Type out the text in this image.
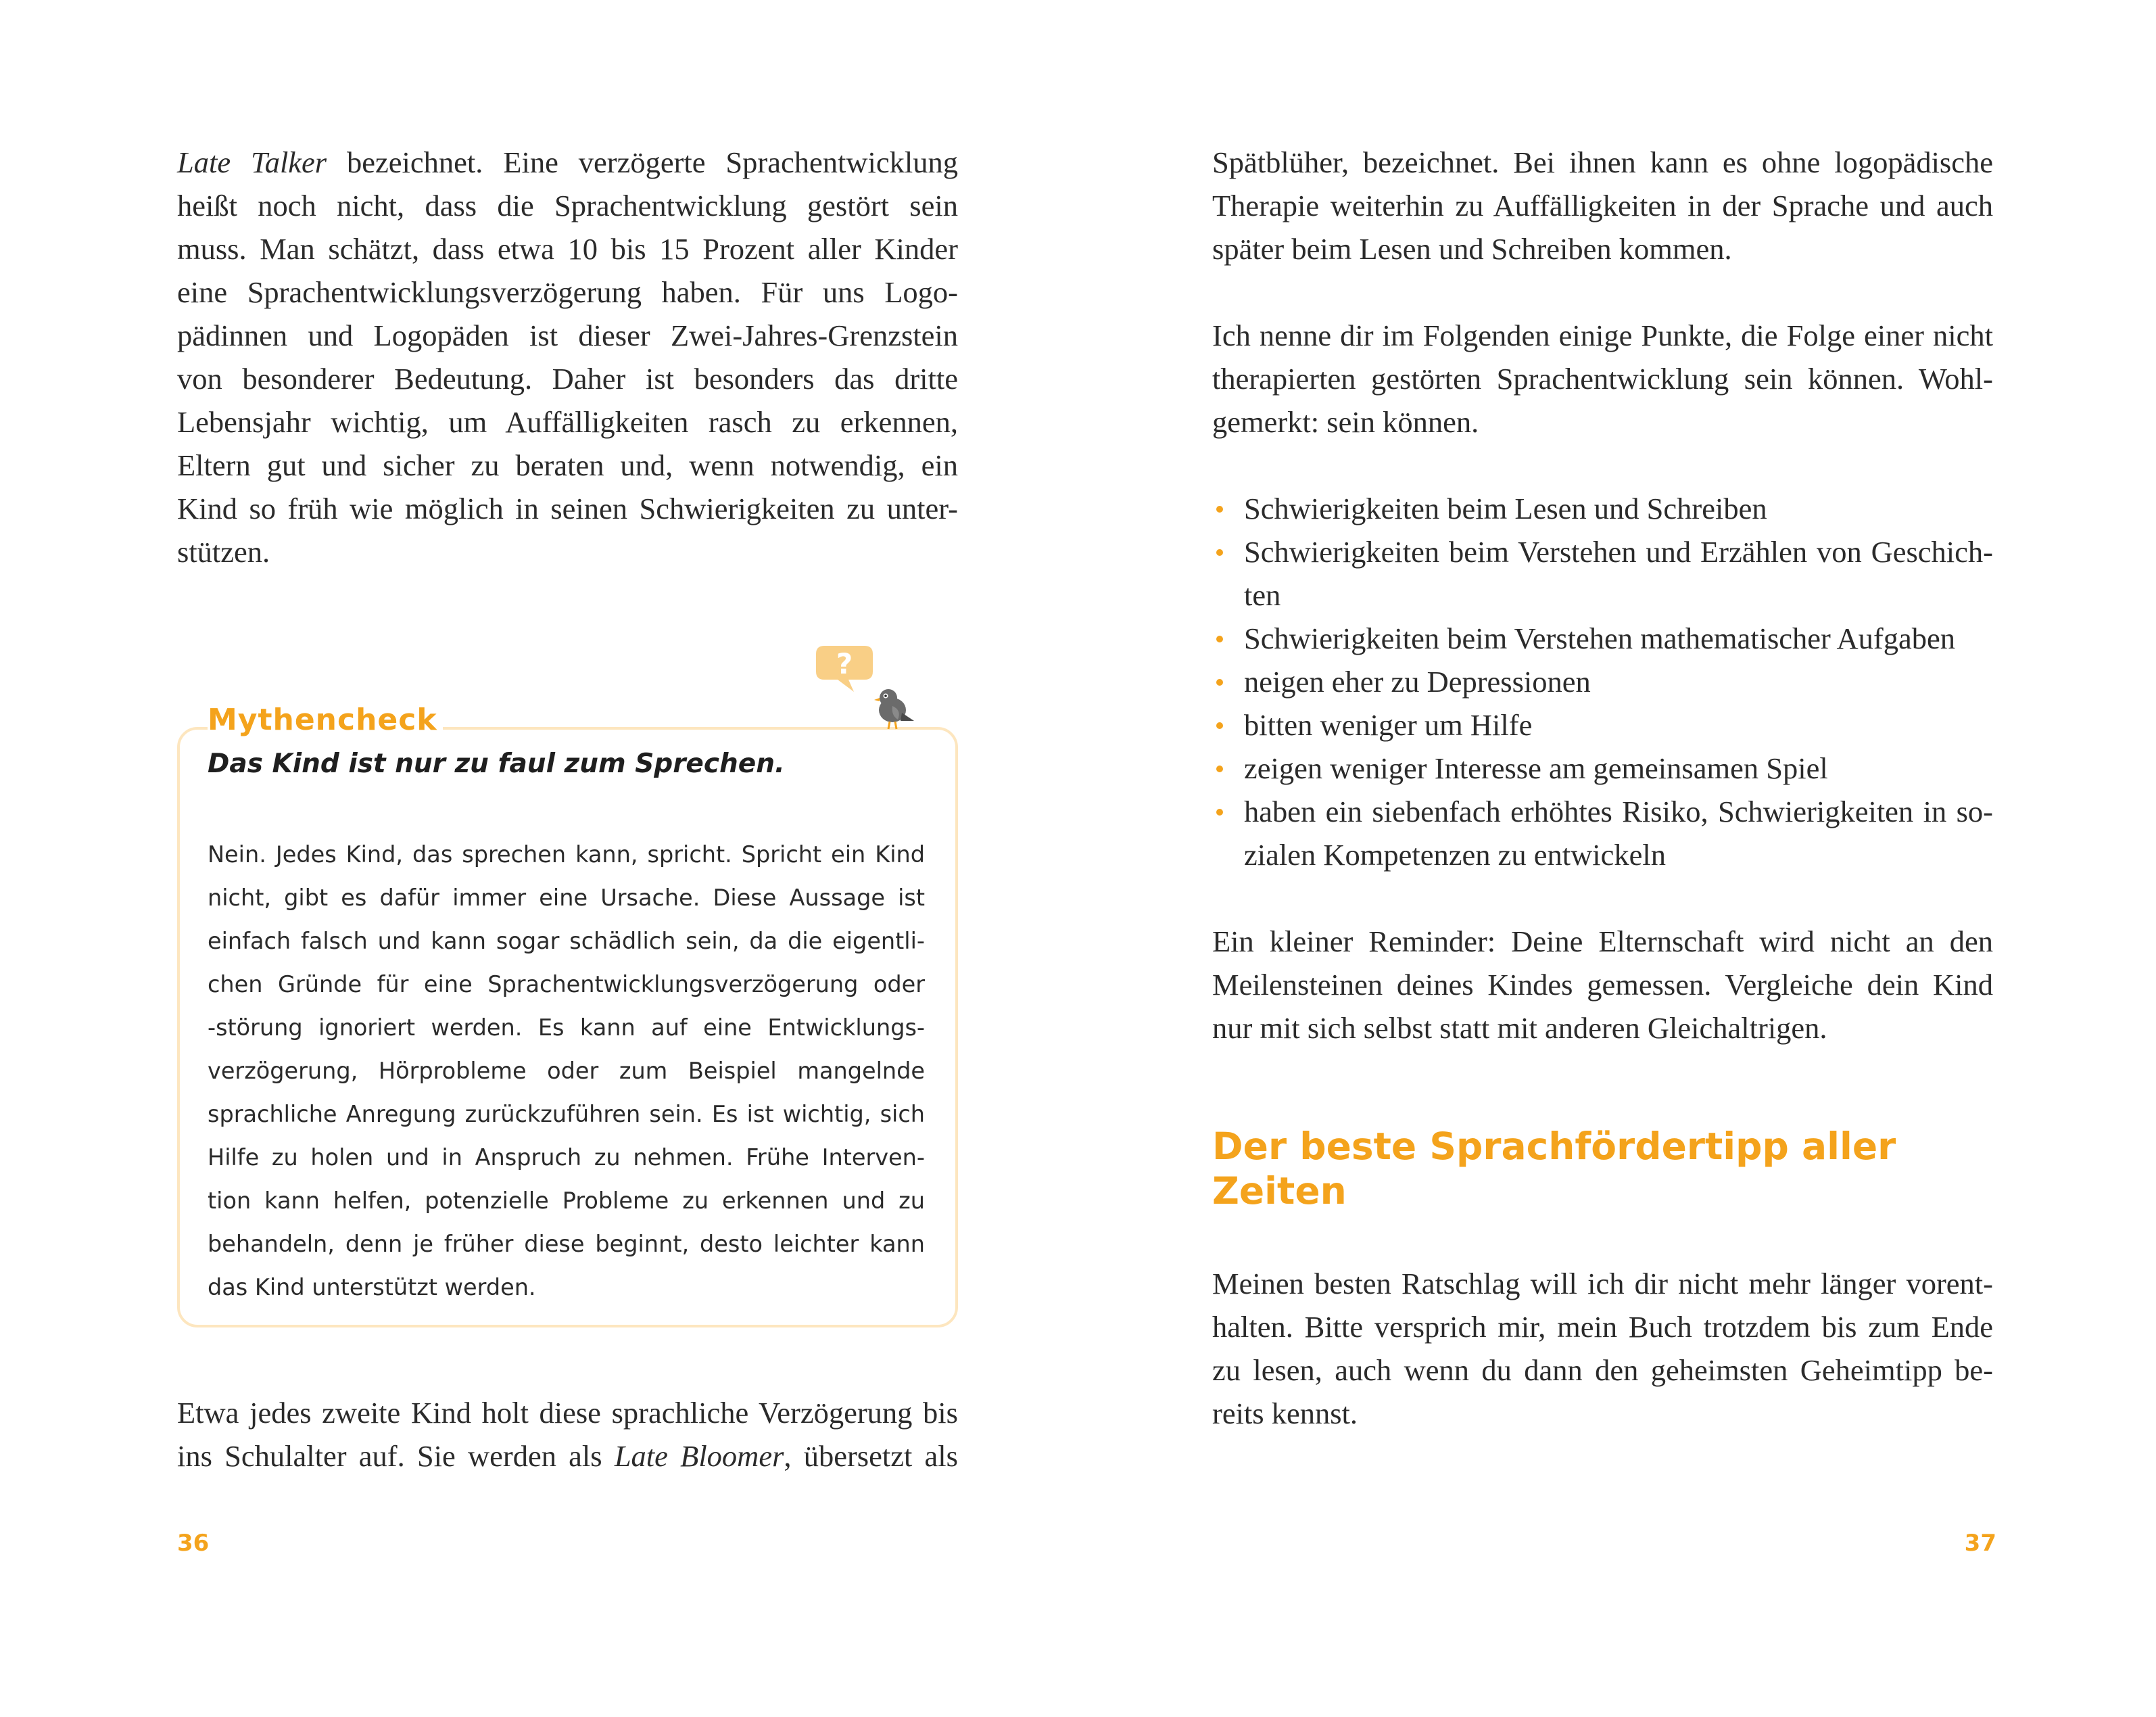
Late Talker bezeichnet. Eine verzögerte Sprachentwicklung
heißt noch nicht, dass die Sprachentwicklung gestört sein
muss. Man schätzt, dass etwa 10 bis 15 Prozent aller Kinder
eine Sprachentwicklungsverzögerung haben. Für uns Logo-
pädinnen und Logopäden ist dieser Zwei-Jahres-Grenzstein
von besonderer Bedeutung. Daher ist besonders das dritte
Lebensjahr wichtig, um Auffälligkeiten rasch zu erkennen,
Eltern gut und sicher zu beraten und, wenn notwendig, ein
Kind so früh wie möglich in seinen Schwierigkeiten zu unter-
stützen.

?
Mythencheck
Das Kind ist nur zu faul zum Sprechen.

Nein. Jedes Kind, das sprechen kann, spricht. Spricht ein Kind
nicht, gibt es dafür immer eine Ursache. Diese Aussage ist
einfach falsch und kann sogar schädlich sein, da die eigentli-
chen Gründe für eine Sprachentwicklungsverzögerung oder
-störung ignoriert werden. Es kann auf eine Entwicklungs-
verzögerung, Hörprobleme oder zum Beispiel mangelnde
sprachliche Anregung zurückzuführen sein. Es ist wichtig, sich
Hilfe zu holen und in Anspruch zu nehmen. Frühe Interven-
tion kann helfen, potenzielle Probleme zu erkennen und zu
behandeln, denn je früher diese beginnt, desto leichter kann
das Kind unterstützt werden.

Etwa jedes zweite Kind holt diese sprachliche Verzögerung bis
ins Schulalter auf. Sie werden als Late Bloomer, übersetzt als

36

Spätblüher, bezeichnet. Bei ihnen kann es ohne logopädische
Therapie weiterhin zu Auffälligkeiten in der Sprache und auch
später beim Lesen und Schreiben kommen.

Ich nenne dir im Folgenden einige Punkte, die Folge einer nicht
therapierten gestörten Sprachentwicklung sein können. Wohl-
gemerkt: sein können.

Schwierigkeiten beim Lesen und Schreiben
Schwierigkeiten beim Verstehen und Erzählen von Geschich-
ten
Schwierigkeiten beim Verstehen mathematischer Aufgaben
neigen eher zu Depressionen
bitten weniger um Hilfe
zeigen weniger Interesse am gemeinsamen Spiel
haben ein siebenfach erhöhtes Risiko, Schwierigkeiten in so-
zialen Kompetenzen zu entwickeln

Ein kleiner Reminder: Deine Elternschaft wird nicht an den
Meilensteinen deines Kindes gemessen. Vergleiche dein Kind
nur mit sich selbst statt mit anderen Gleichaltrigen.

Der beste Sprachfördertipp aller
Zeiten

Meinen besten Ratschlag will ich dir nicht mehr länger vorent-
halten. Bitte versprich mir, mein Buch trotzdem bis zum Ende
zu lesen, auch wenn du dann den geheimsten Geheimtipp be-
reits kennst.

37
